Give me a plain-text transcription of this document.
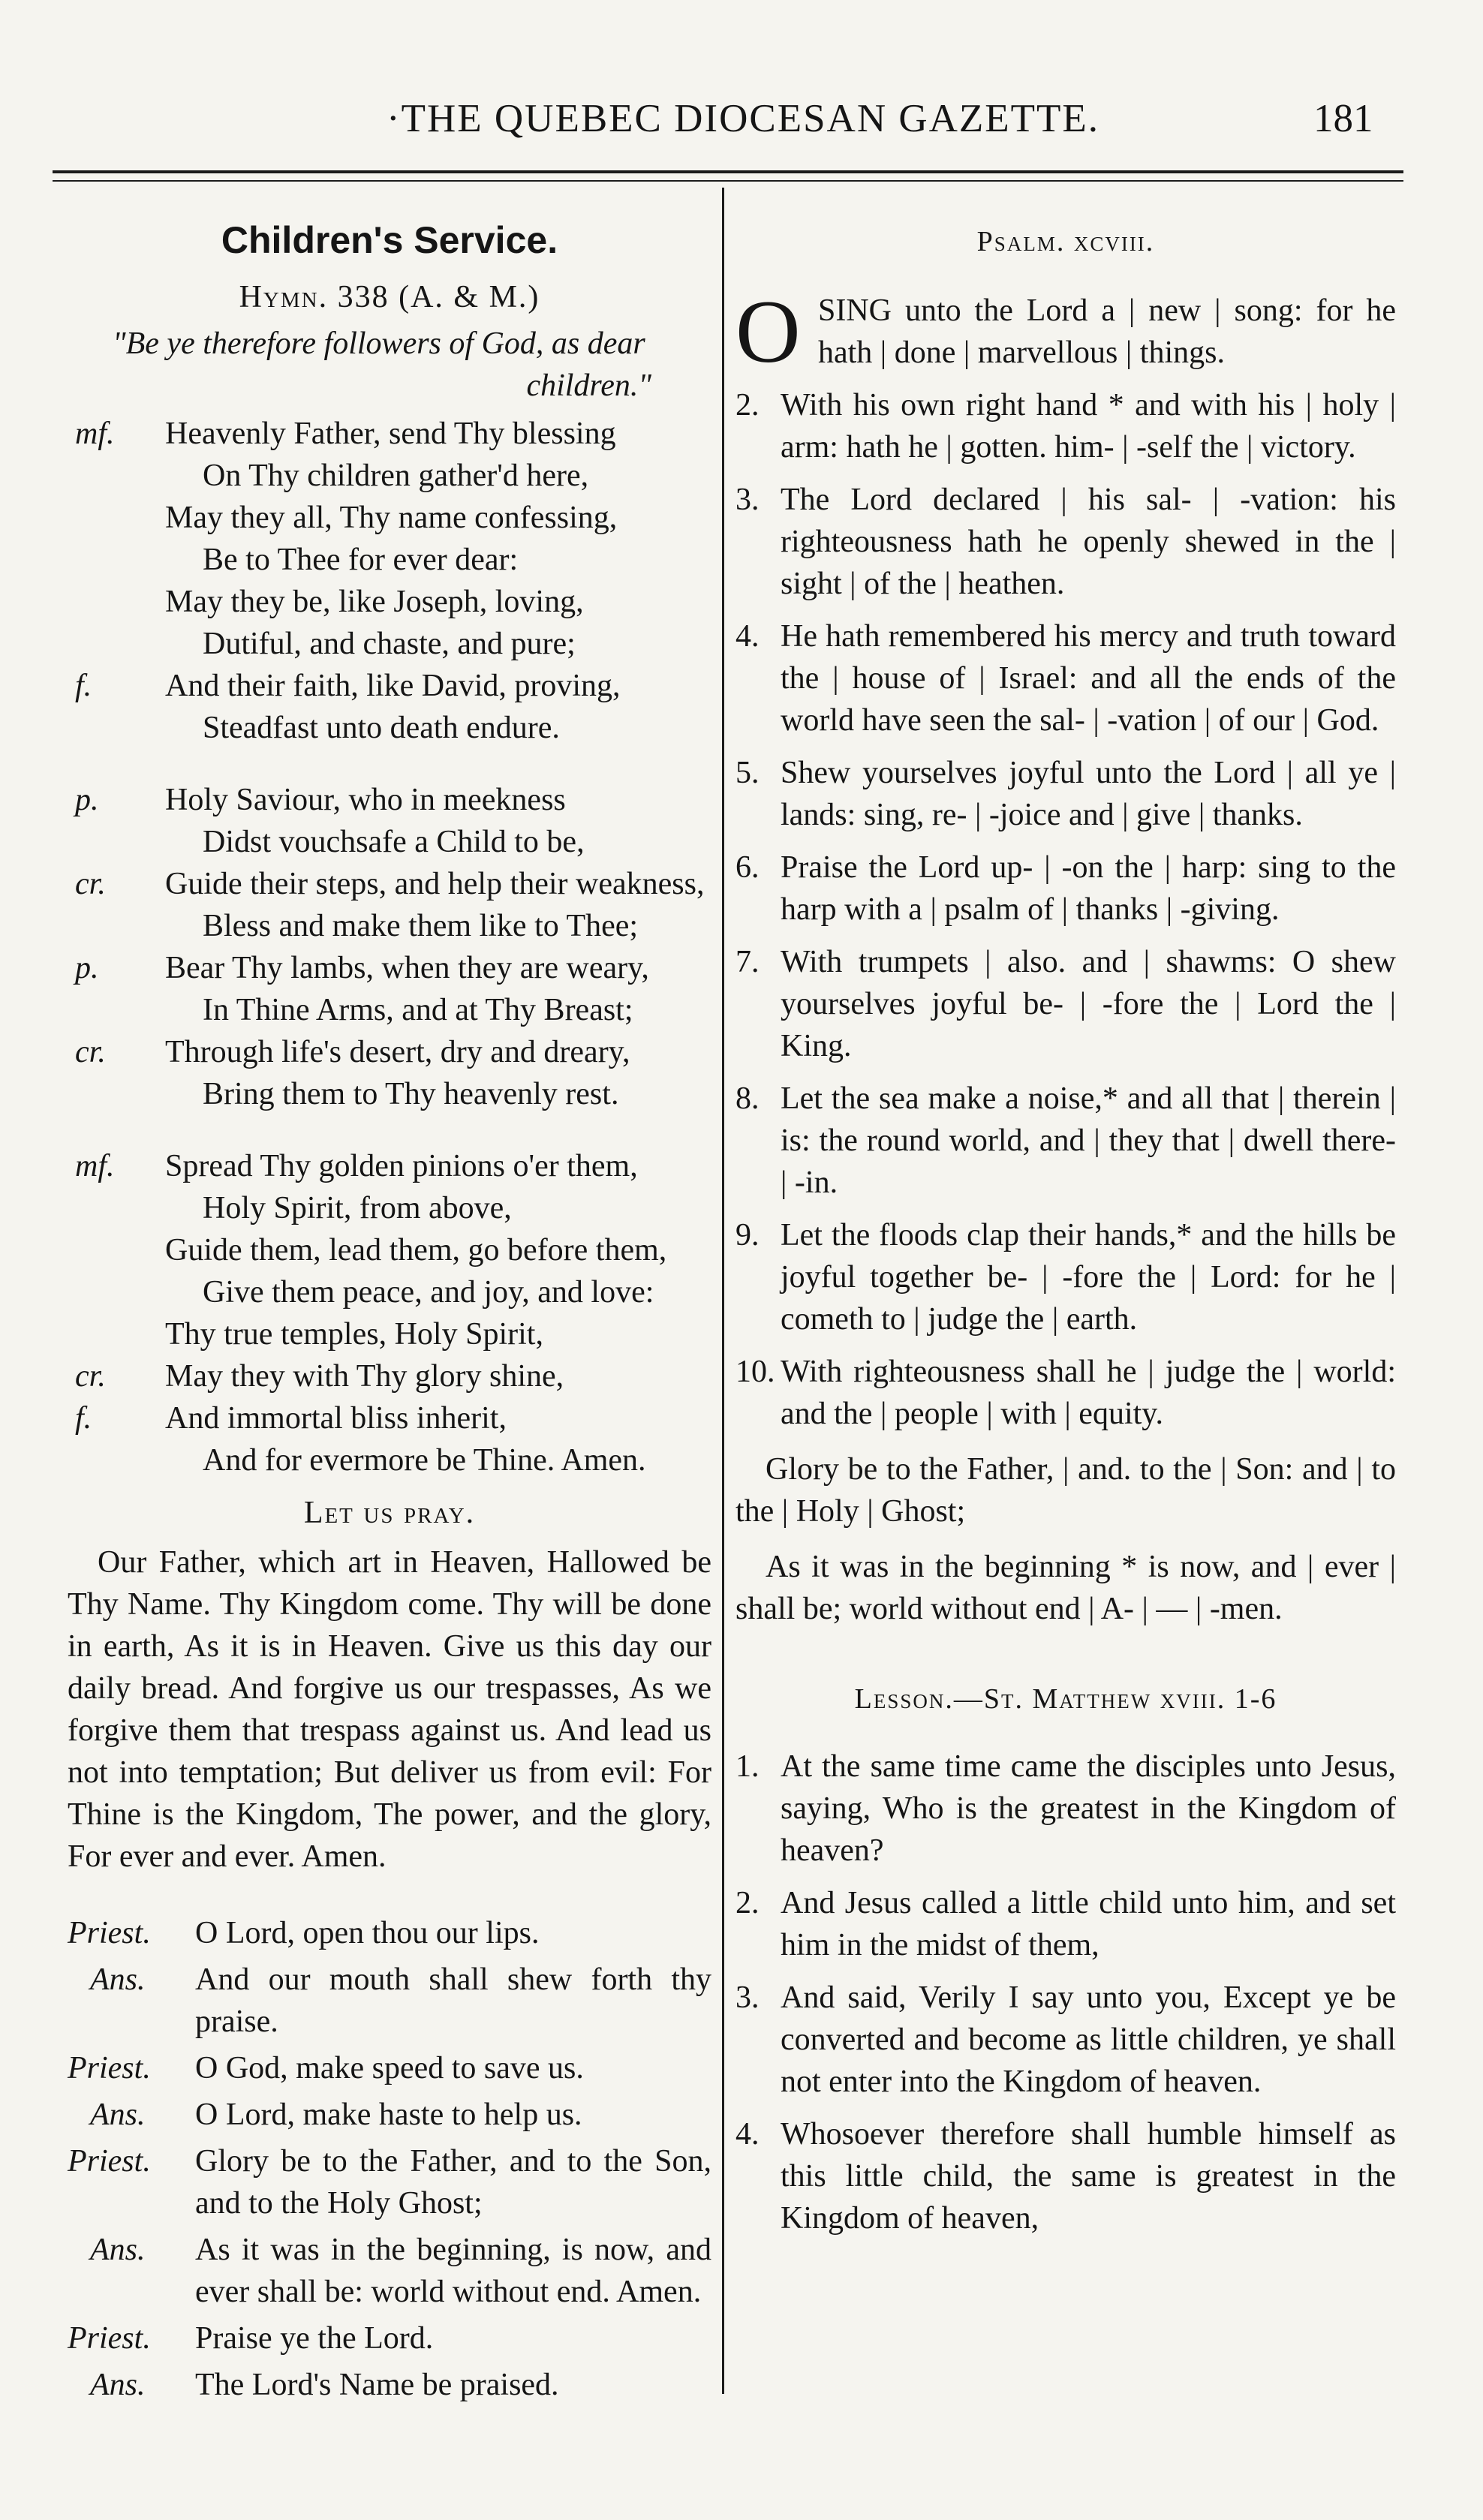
·THE QUEBEC DIOCESAN GAZETTE.	181
Children's Service.
Hymn. 338 (A. & M.)
"Be ye therefore followers of God, as dear
children."
mf.	Heavenly Father, send Thy blessing
On Thy children gather'd here,
May they all, Thy name confessing,
Be to Thee for ever dear:
May they be, like Joseph, loving,
Dutiful, and chaste, and pure;
f.	And their faith, like David, proving,
Steadfast unto death endure.
p.	Holy Saviour, who in meekness
Didst vouchsafe a Child to be,
cr.	Guide their steps, and help their weakness,
Bless and make them like to Thee;
p.	Bear Thy lambs, when they are weary,
In Thine Arms, and at Thy Breast;
cr.	Through life's desert, dry and dreary,
Bring them to Thy heavenly rest.
mf.	Spread Thy golden pinions o'er them,
Holy Spirit, from above,
Guide them, lead them, go before them,
Give them peace, and joy, and love:
Thy true temples, Holy Spirit,
cr.	May they with Thy glory shine,
f.	And immortal bliss inherit,
And for evermore be Thine. Amen.
Let us pray.
Our Father, which art in Heaven, Hallowed be Thy Name. Thy Kingdom come. Thy will be done in earth, As it is in Heaven. Give us this day our daily bread. And forgive us our trespasses, As we forgive them that trespass against us. And lead us not into temptation; But deliver us from evil: For Thine is the Kingdom, The power, and the glory, For ever and ever. Amen.
Priest.	O Lord, open thou our lips.
Ans.	And our mouth shall shew forth thy praise.
Priest.	O God, make speed to save us.
Ans.	O Lord, make haste to help us.
Priest.	Glory be to the Father, and to the Son, and to the Holy Ghost;
Ans.	As it was in the beginning, is now, and ever shall be: world without end. Amen.
Priest.	Praise ye the Lord.
Ans.	The Lord's Name be praised.
Psalm. xcviii.
O SING unto the Lord a | new | song: for he hath | done | marvellous | things.
2. With his own right hand * and with his | holy | arm: hath he | gotten. him- | -self the | victory.
3. The Lord declared | his sal- | -vation: his righteousness hath he openly shewed in the | sight | of the | heathen.
4. He hath remembered his mercy and truth toward the | house of | Israel: and all the ends of the world have seen the sal- | -vation | of our | God.
5. Shew yourselves joyful unto the Lord | all ye | lands: sing, re- | -joice and | give | thanks.
6. Praise the Lord up- | -on the | harp: sing to the harp with a | psalm of | thanks | -giving.
7. With trumpets | also. and | shawms: O shew yourselves joyful be- | -fore the | Lord the | King.
8. Let the sea make a noise,* and all that | therein | is: the round world, and | they that | dwell there- | -in.
9. Let the floods clap their hands,* and the hills be joyful together be- | -fore the | Lord: for he | cometh to | judge the | earth.
10. With righteousness shall he | judge the | world: and the | people | with | equity.
Glory be to the Father, | and. to the | Son: and | to the | Holy | Ghost;
As it was in the beginning * is now, and | ever | shall be; world without end | A- | — | -men.
Lesson.—St. Matthew xviii. 1-6
1. At the same time came the disciples unto Jesus, saying, Who is the greatest in the Kingdom of heaven?
2. And Jesus called a little child unto him, and set him in the midst of them,
3. And said, Verily I say unto you, Except ye be converted and become as little children, ye shall not enter into the Kingdom of heaven.
4. Whosoever therefore shall humble himself as this little child, the same is greatest in the Kingdom of heaven,
